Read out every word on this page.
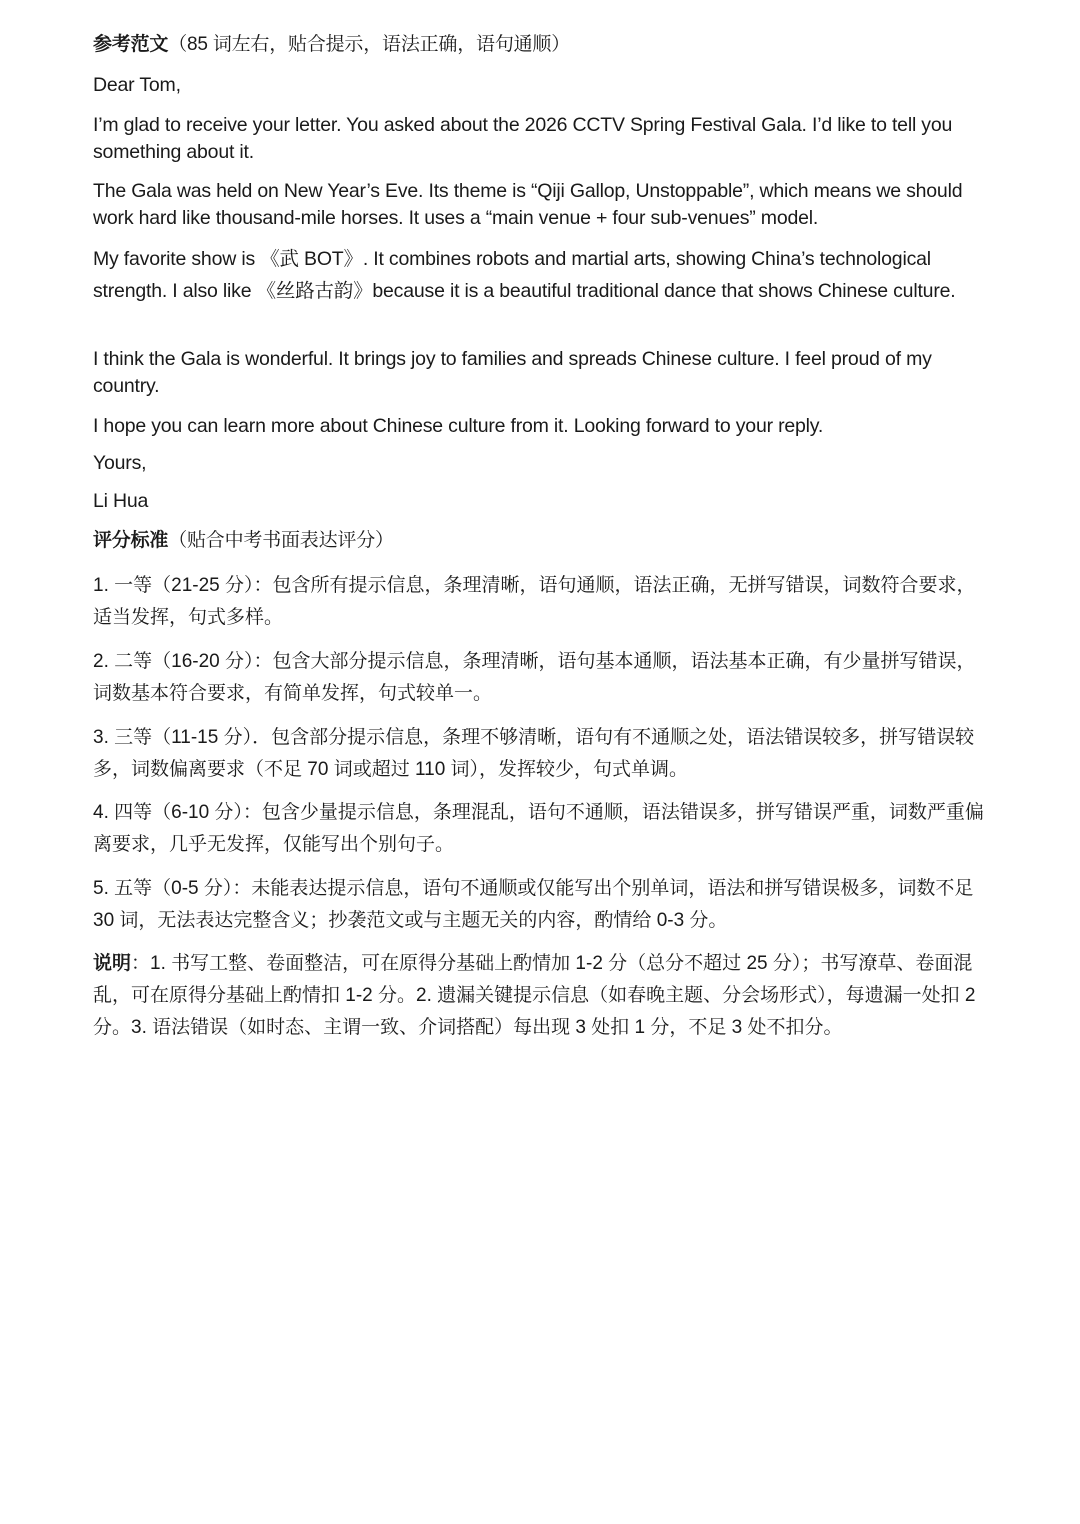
参考范文（85 词左右，贴合提示，语法正确，语句通顺）

Dear Tom,

I’m glad to receive your letter. You asked about the 2026 CCTV Spring Festival Gala. I’d like to tell you something about it.

The Gala was held on New Year’s Eve. Its theme is “Qiji Gallop, Unstoppable”, which means we should work hard like thousand-mile horses. It uses a “main venue + four sub-venues” model.

My favorite show is 《武 BOT》. It combines robots and martial arts, showing China’s technological strength. I also like 《丝路古韵》because it is a beautiful traditional dance that shows Chinese culture.

I think the Gala is wonderful. It brings joy to families and spreads Chinese culture. I feel proud of my country.

I hope you can learn more about Chinese culture from it. Looking forward to your reply.

Yours,

Li Hua

评分标准（贴合中考书面表达评分）

1. 一等（21-25 分）：包含所有提示信息，条理清晰，语句通顺，语法正确，无拼写错误，词数符合要求，适当发挥，句式多样。

2. 二等（16-20 分）：包含大部分提示信息，条理清晰，语句基本通顺，语法基本正确，有少量拼写错误，词数基本符合要求，有简单发挥，句式较单一。

3. 三等（11-15 分）．包含部分提示信息，条理不够清晰，语句有不通顺之处，语法错误较多，拼写错误较多，词数偏离要求（不足 70 词或超过 110 词），发挥较少，句式单调。

4. 四等（6-10 分）：包含少量提示信息，条理混乱，语句不通顺，语法错误多，拼写错误严重，词数严重偏离要求，几乎无发挥，仅能写出个别句子。

5. 五等（0-5 分）：未能表达提示信息，语句不通顺或仅能写出个别单词，语法和拼写错误极多，词数不足 30 词，无法表达完整含义；抄袭范文或与主题无关的内容，酌情给 0-3 分。

说明：1. 书写工整、卷面整洁，可在原得分基础上酌情加 1-2 分（总分不超过 25 分）；书写潦草、卷面混乱，可在原得分基础上酌情扣 1-2 分。2. 遗漏关键提示信息（如春晚主题、分会场形式），每遗漏一处扣 2 分。3. 语法错误（如时态、主谓一致、介词搭配）每出现 3 处扣 1 分，不足 3 处不扣分。
